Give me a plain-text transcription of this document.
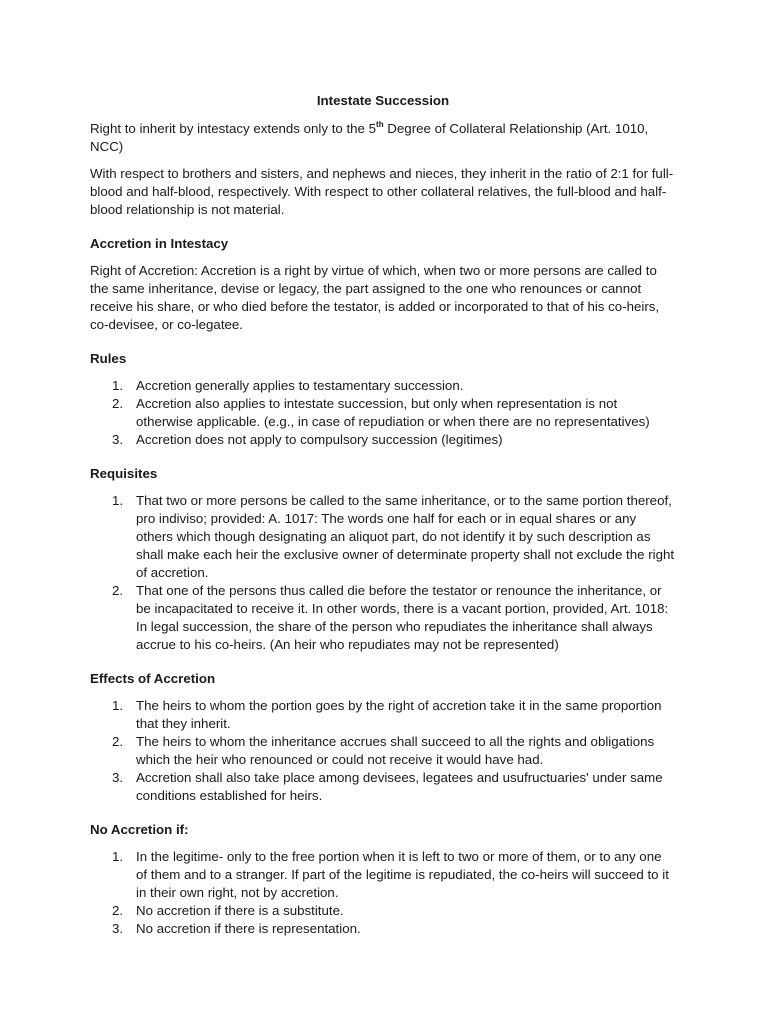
Intestate Succession

Right to inherit by intestacy extends only to the 5th Degree of Collateral Relationship (Art. 1010, NCC)

With respect to brothers and sisters, and nephews and nieces, they inherit in the ratio of 2:1 for full-blood and half-blood, respectively. With respect to other collateral relatives, the full-blood and half-blood relationship is not material.

Accretion in Intestacy

Right of Accretion: Accretion is a right by virtue of which, when two or more persons are called to the same inheritance, devise or legacy, the part assigned to the one who renounces or cannot receive his share, or who died before the testator, is added or incorporated to that of his co-heirs, co-devisee, or co-legatee.

Rules
1. Accretion generally applies to testamentary succession.
2. Accretion also applies to intestate succession, but only when representation is not otherwise applicable. (e.g., in case of repudiation or when there are no representatives)
3. Accretion does not apply to compulsory succession (legitimes)
Requisites
1. That two or more persons be called to the same inheritance, or to the same portion thereof, pro indiviso; provided: A. 1017: The words one half for each or in equal shares or any others which though designating an aliquot part, do not identify it by such description as shall make each heir the exclusive owner of determinate property shall not exclude the right of accretion.
2. That one of the persons thus called die before the testator or renounce the inheritance, or be incapacitated to receive it. In other words, there is a vacant portion, provided, Art. 1018: In legal succession, the share of the person who repudiates the inheritance shall always accrue to his co-heirs. (An heir who repudiates may not be represented)
Effects of Accretion
1. The heirs to whom the portion goes by the right of accretion take it in the same proportion that they inherit.
2. The heirs to whom the inheritance accrues shall succeed to all the rights and obligations which the heir who renounced or could not receive it would have had.
3. Accretion shall also take place among devisees, legatees and usufructuaries' under same conditions established for heirs.
No Accretion if:
1. In the legitime- only to the free portion when it is left to two or more of them, or to any one of them and to a stranger. If part of the legitime is repudiated, the co-heirs will succeed to it in their own right, not by accretion.
2. No accretion if there is a substitute.
3. No accretion if there is representation.
